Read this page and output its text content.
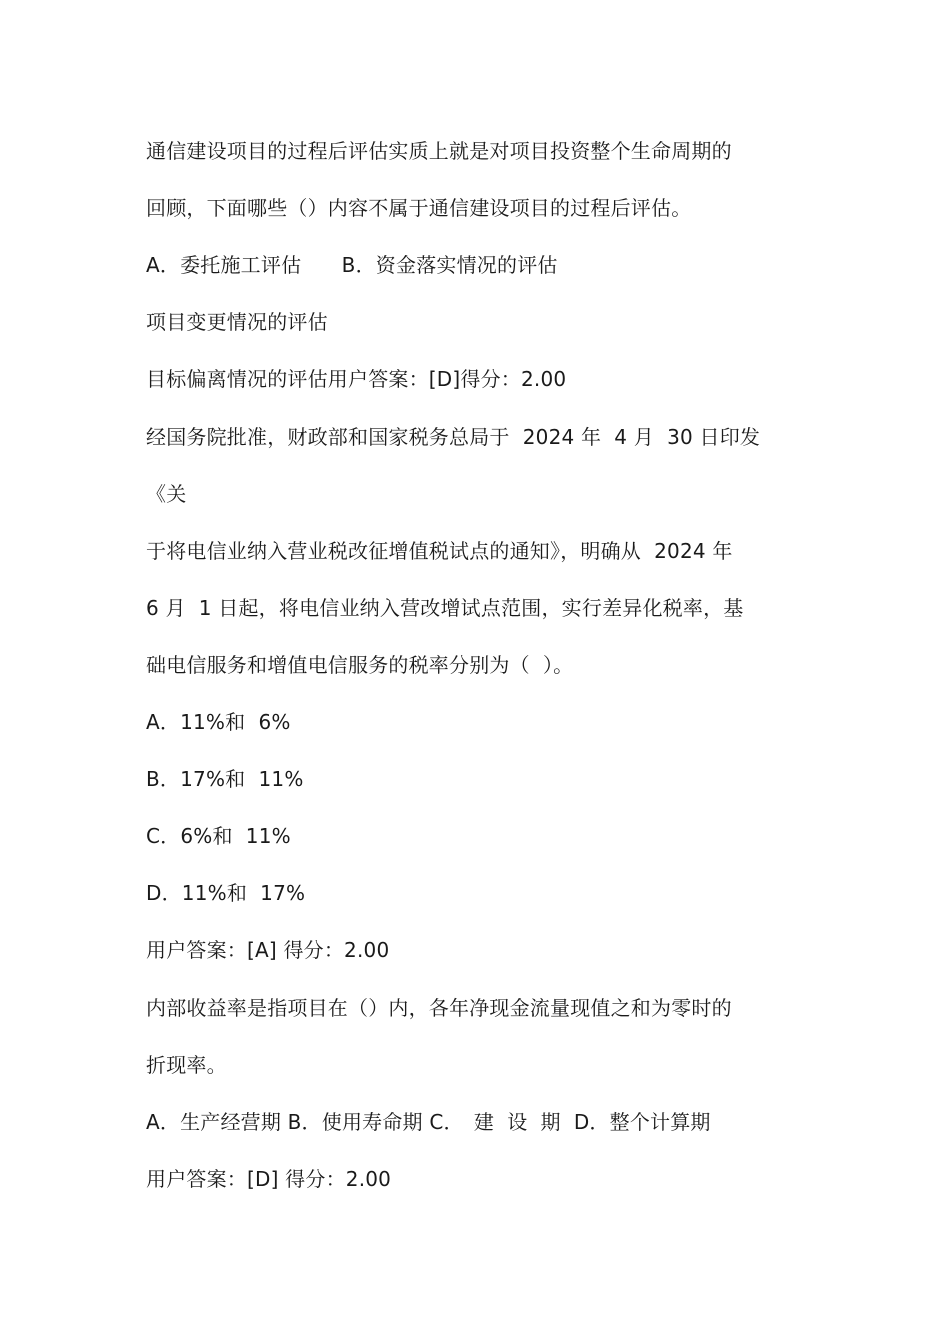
通信建设项目的过程后评估实质上就是对项目投资整个生命周期的
回顾，下面哪些（）内容不属于通信建设项目的过程后评估。
A．委托施工评估　　B．资金落实情况的评估
项目变更情况的评估
目标偏离情况的评估用户答案：[D]得分：2.00
经国务院批准，财政部和国家税务总局于  2024 年  4 月  30 日印发
《关
于将电信业纳入营业税改征增值税试点的通知》，明确从  2024 年
6 月  1 日起，将电信业纳入营改增试点范围，实行差异化税率，基
础电信服务和增值电信服务的税率分别为（  ）。
A．11%和  6%
B．17%和  11%
C．6%和  11%
D．11%和  17%
用户答案：[A] 得分：2.00
内部收益率是指项目在（）内，各年净现金流量现值之和为零时的
折现率。
A．生产经营期 B．使用寿命期 C．　建  设  期  D．整个计算期
用户答案：[D] 得分：2.00
